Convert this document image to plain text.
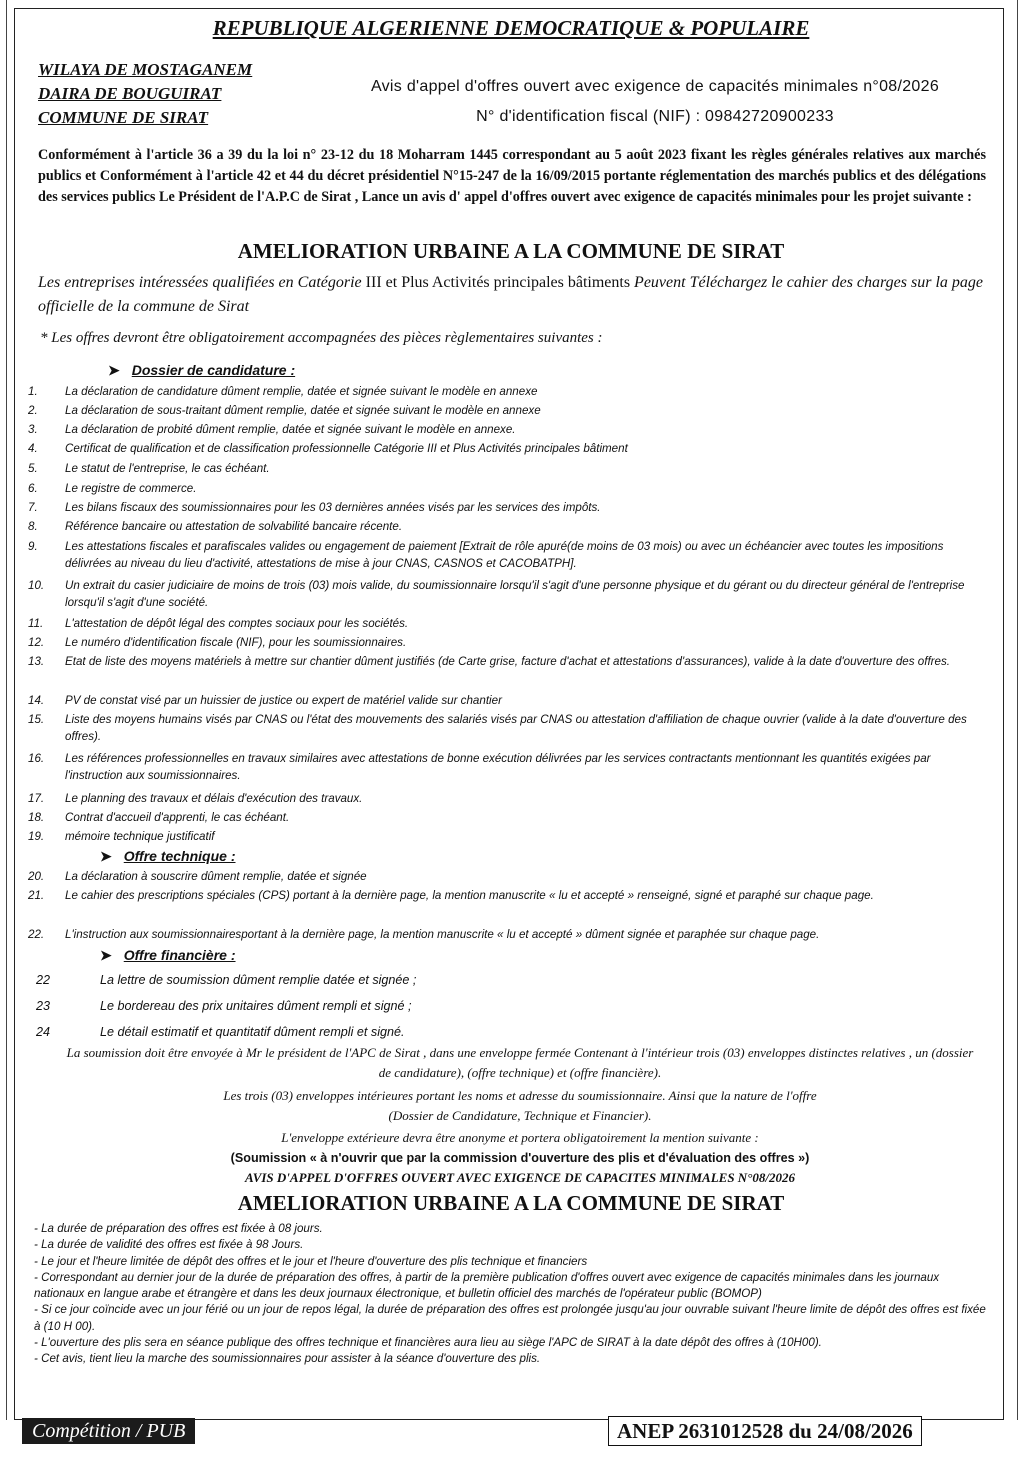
REPUBLIQUE ALGERIENNE DEMOCRATIQUE & POPULAIRE
WILAYA DE MOSTAGANEM
DAIRA DE BOUGUIRAT
COMMUNE DE SIRAT
Avis d'appel d'offres ouvert avec exigence de capacités minimales n°08/2026
N° d'identification fiscal (NIF) : 09842720900233
Conformément à l'article 36 a 39 du la loi n° 23-12 du 18 Moharram 1445 correspondant au 5 août 2023 fixant les règles générales relatives aux marchés publics et Conformément à l'article 42 et 44 du décret présidentiel N°15-247 de la 16/09/2015 portante réglementation des marchés publics et des délégations des services publics Le Président de l'A.P.C de Sirat , Lance un avis d' appel d'offres ouvert avec exigence de capacités minimales pour les projet suivante :
AMELIORATION URBAINE A LA COMMUNE DE SIRAT
Les entreprises intéressées qualifiées en Catégorie III et Plus Activités principales bâtiments Peuvent Téléchargez le cahier des charges sur la page officielle de la commune de Sirat
* Les offres devront être obligatoirement accompagnées des pièces règlementaires suivantes :
➤ Dossier de candidature :
1.	La déclaration de candidature dûment remplie, datée et signée suivant le modèle en annexe
2.	La déclaration de sous-traitant dûment remplie, datée et signée suivant le modèle en annexe
3.	La déclaration de probité dûment remplie, datée et signée suivant le modèle en annexe.
4.	Certificat de qualification et de classification professionnelle Catégorie III et Plus Activités principales bâtiment
5.	Le statut de l'entreprise, le cas échéant.
6.	Le registre de commerce.
7.	Les bilans fiscaux des soumissionnaires pour les 03 dernières années visés par les services des impôts.
8.	Référence bancaire ou attestation de solvabilité bancaire récente.
9.	Les attestations fiscales et parafiscales valides ou engagement de paiement [Extrait de rôle apuré(de moins de 03 mois) ou avec un échéancier avec toutes les impositions délivrées au niveau du lieu d'activité, attestations de mise à jour CNAS, CASNOS et CACOBATPH].
10.	Un extrait du casier judiciaire de moins de trois (03) mois valide, du soumissionnaire lorsqu'il s'agit d'une personne physique et du gérant ou du directeur général de l'entreprise lorsqu'il s'agit d'une société.
11.	L'attestation de dépôt légal des comptes sociaux pour les sociétés.
12.	Le numéro d'identification fiscale (NIF), pour les soumissionnaires.
13.	Etat de liste des moyens matériels à mettre sur chantier dûment justifiés (de Carte grise, facture d'achat et attestations d'assurances), valide à la date d'ouverture des offres.
14.	PV de constat visé par un huissier de justice ou expert de matériel valide sur chantier
15.	Liste des moyens humains visés par CNAS ou l'état des mouvements des salariés visés par CNAS ou attestation d'affiliation de chaque ouvrier (valide à la date d'ouverture des offres).
16.	Les références professionnelles en travaux similaires avec attestations de bonne exécution délivrées par les services contractants mentionnant les quantités exigées par l'instruction aux soumissionnaires.
17.	Le planning des travaux et délais d'exécution des travaux.
18.	Contrat d'accueil d'apprenti, le cas échéant.
19.	mémoire technique justificatif
➤ Offre technique :
20.	La déclaration à souscrire dûment remplie, datée et signée
21.	Le cahier des prescriptions spéciales (CPS) portant à la dernière page, la mention manuscrite « lu et accepté » renseigné, signé et paraphé sur chaque page.
22.	L'instruction aux soumissionnairesportant à la dernière page, la mention manuscrite « lu et accepté » dûment signée et paraphée sur chaque page.
➤ Offre financière :
22	La lettre de soumission dûment remplie datée et signée ;
23	Le bordereau des prix unitaires dûment rempli et signé ;
24	Le détail estimatif et quantitatif dûment rempli et signé.
La soumission doit être envoyée à Mr le président de l'APC de Sirat , dans une enveloppe fermée Contenant à l'intérieur trois (03) enveloppes distinctes relatives , un (dossier de candidature), (offre technique) et (offre financière).
Les trois (03) enveloppes intérieures portant les noms et adresse du soumissionnaire. Ainsi que la nature de l'offre
(Dossier de Candidature, Technique et Financier).
L'enveloppe extérieure devra être anonyme et portera obligatoirement la mention suivante :
(Soumission « à n'ouvrir que par la commission d'ouverture des plis et d'évaluation des offres »)
AVIS D'APPEL D'OFFRES OUVERT AVEC EXIGENCE DE CAPACITES MINIMALES N°08/2026
AMELIORATION URBAINE A LA COMMUNE DE SIRAT
- La durée de préparation des offres est fixée à 08 jours.
- La durée de validité des offres est fixée à 98 Jours.
- Le jour et l'heure limitée de dépôt des offres et le jour et l'heure d'ouverture des plis technique et financiers
- Correspondant au dernier jour de la durée de préparation des offres, à partir de la première publication d'offres ouvert avec exigence de capacités minimales dans les journaux nationaux en langue arabe et étrangère et dans les deux journaux électronique, et bulletin officiel des marchés de l'opérateur public (BOMOP)
- Si ce jour coïncide avec un jour férié ou un jour de repos légal, la durée de préparation des offres est prolongée jusqu'au jour ouvrable suivant l'heure limite de dépôt des offres est fixée à (10 H 00).
- L'ouverture des plis sera en séance publique des offres technique et financières aura lieu au siège l'APC de SIRAT à la date dépôt des offres à (10H00).
- Cet avis, tient lieu la marche des soumissionnaires pour assister à la séance d'ouverture des plis.
Compétition / PUB	ANEP 2631012528 du 24/08/2026
